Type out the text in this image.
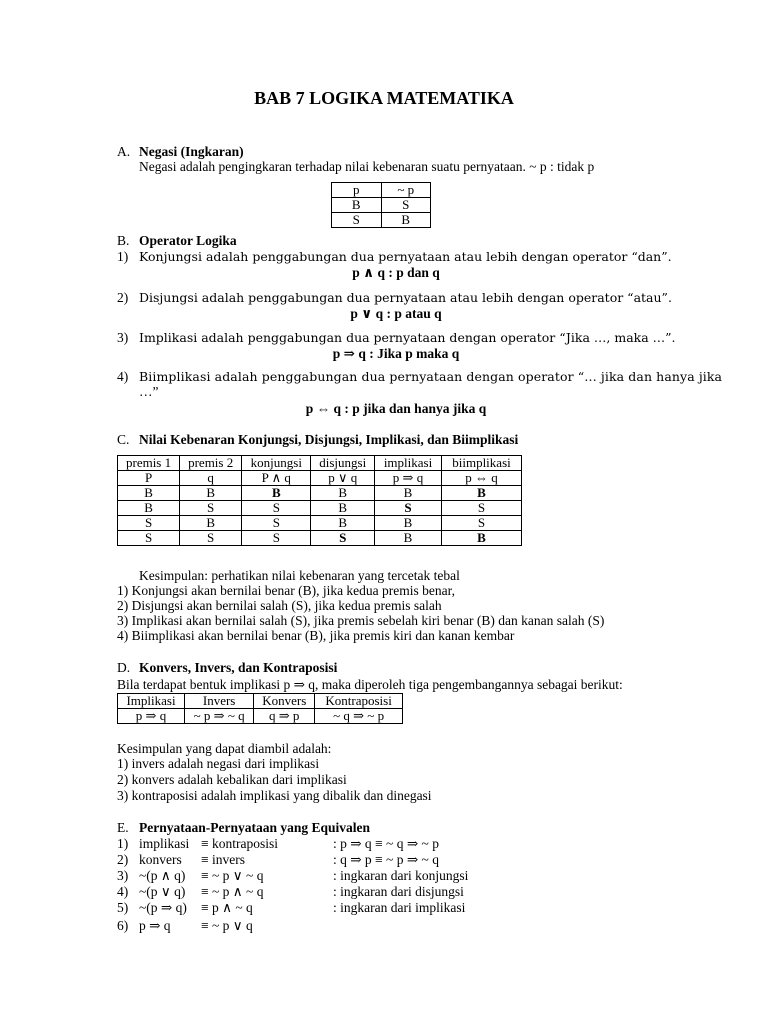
BAB 7 LOGIKA MATEMATIKA
A. Negasi (Ingkaran)
Negasi adalah pengingkaran terhadap nilai kebenaran suatu pernyataan. ~ p : tidak p
p	~ p
B	S
S	B
B. Operator Logika
1) Konjungsi adalah penggabungan dua pernyataan atau lebih dengan operator “dan”.
p ∧ q : p dan q
2) Disjungsi adalah penggabungan dua pernyataan atau lebih dengan operator “atau”.
p ∨ q : p atau q
3) Implikasi adalah penggabungan dua pernyataan dengan operator “Jika …, maka …”.
p ⇒ q : Jika p maka q
4) Biimplikasi adalah penggabungan dua pernyataan dengan operator “… jika dan hanya jika
…”
p ⇔ q : p jika dan hanya jika q
C. Nilai Kebenaran Konjungsi, Disjungsi, Implikasi, dan Biimplikasi
premis 1	premis 2	konjungsi	disjungsi	implikasi	biimplikasi
P	q	P ∧ q	p ∨ q	p ⇒ q	p ⇔ q
B	B	B	B	B	B
B	S	S	B	S	S
S	B	S	B	B	S
S	S	S	S	B	B
Kesimpulan: perhatikan nilai kebenaran yang tercetak tebal
1) Konjungsi akan bernilai benar (B), jika kedua premis benar,
2) Disjungsi akan bernilai salah (S), jika kedua premis salah
3) Implikasi akan bernilai salah (S), jika premis sebelah kiri benar (B) dan kanan salah (S)
4) Biimplikasi akan bernilai benar (B), jika premis kiri dan kanan kembar
D. Konvers, Invers, dan Kontraposisi
Bila terdapat bentuk implikasi p ⇒ q, maka diperoleh tiga pengembangannya sebagai berikut:
Implikasi	Invers	Konvers	Kontraposisi
p ⇒ q	~ p ⇒ ~ q	q ⇒ p	~ q ⇒ ~ p
Kesimpulan yang dapat diambil adalah:
1) invers adalah negasi dari implikasi
2) konvers adalah kebalikan dari implikasi
3) kontraposisi adalah implikasi yang dibalik dan dinegasi
E. Pernyataan-Pernyataan yang Equivalen
1) implikasi ≡ kontraposisi	: p ⇒ q ≡ ~ q ⇒ ~ p
2) konvers ≡ invers	: q ⇒ p ≡ ~ p ⇒ ~ q
3) ~(p ∧ q) ≡ ~ p ∨ ~ q	: ingkaran dari konjungsi
4) ~(p ∨ q) ≡ ~ p ∧ ~ q	: ingkaran dari disjungsi
5) ~(p ⇒ q) ≡ p ∧ ~ q	: ingkaran dari implikasi
6) p ⇒ q ≡ ~ p ∨ q
